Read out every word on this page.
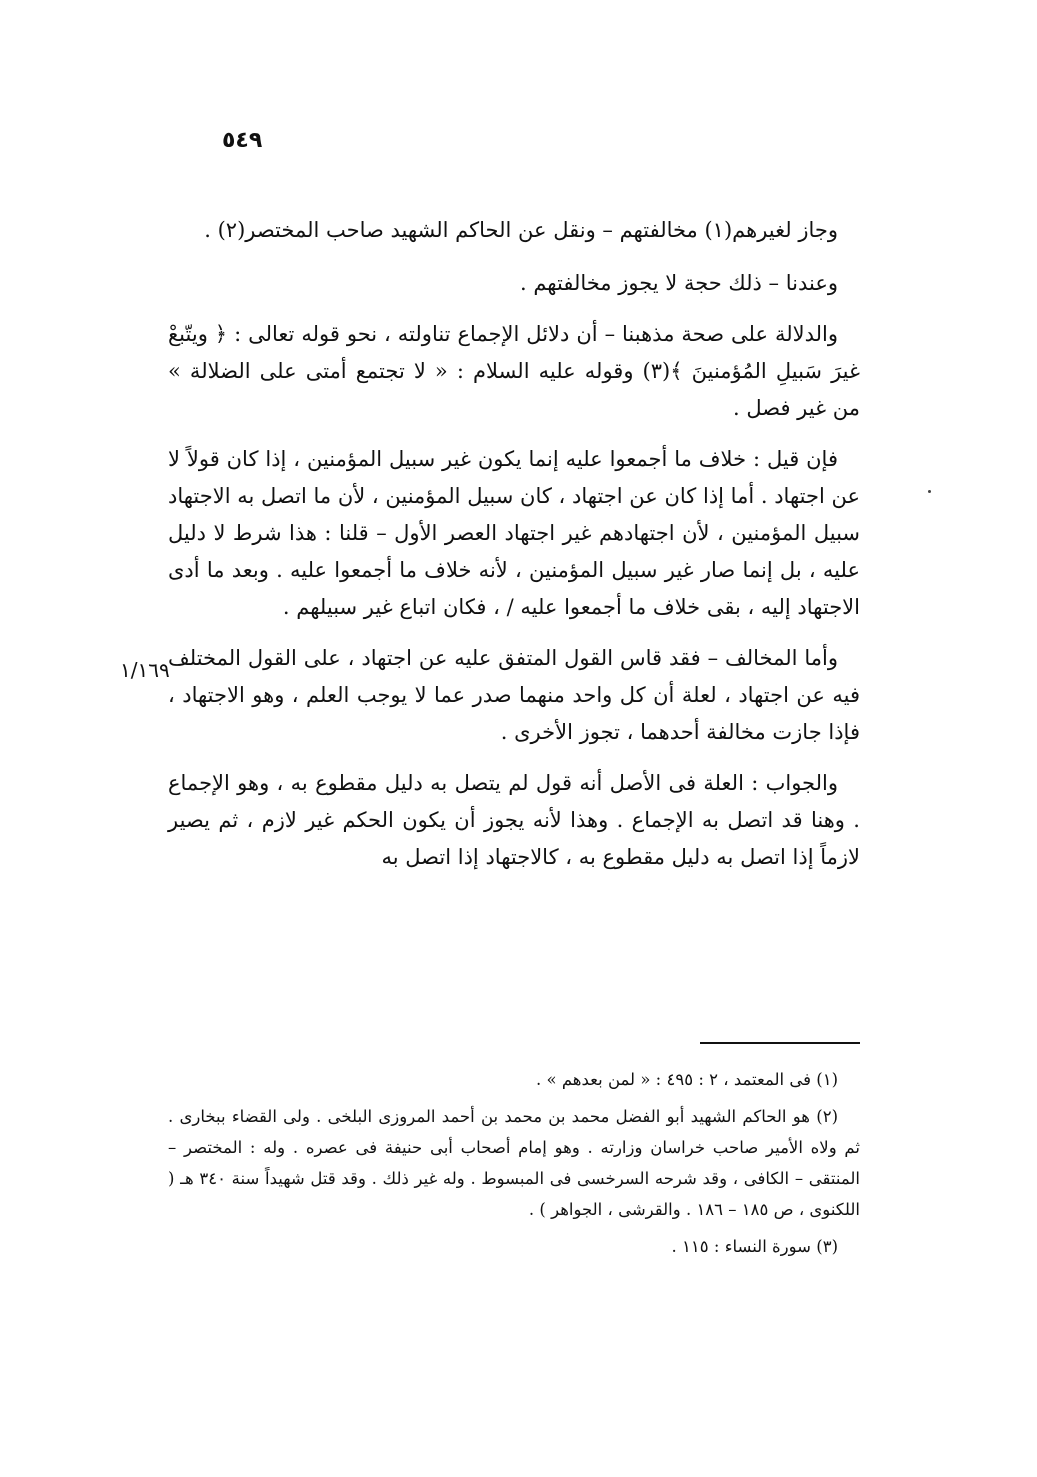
٥٤٩
١/١٦٩

وجاز لغيرهم(١) مخالفتهم – ونقل عن الحاكم الشهيد صاحب المختصر(٢) .

وعندنا – ذلك حجة لا يجوز مخالفتهم .

والدلالة على صحة مذهبنا – أن دلائل الإجماع تناولته ، نحو قوله تعالى : ﴿ ويتّبعْ غيرَ سَبيلِ المُؤمنينَ ﴾(٣) وقوله عليه السلام : « لا تجتمع أمتى على الضلالة » من غير فصل .

فإن قيل : خلاف ما أجمعوا عليه إنما يكون غير سبيل المؤمنين ، إذا كان قولاً لا عن اجتهاد . أما إذا كان عن اجتهاد ، كان سبيل المؤمنين ، لأن ما اتصل به الاجتهاد سبيل المؤمنين ، لأن اجتهادهم غير اجتهاد العصر الأول – قلنا : هذا شرط لا دليل عليه ، بل إنما صار غير سبيل المؤمنين ، لأنه خلاف ما أجمعوا عليه . وبعد ما أدى الاجتهاد إليه ، بقى خلاف ما أجمعوا عليه / ، فكان اتباع غير سبيلهم .

وأما المخالف – فقد قاس القول المتفق عليه عن اجتهاد ، على القول المختلف فيه عن اجتهاد ، لعلة أن كل واحد منهما صدر عما لا يوجب العلم ، وهو الاجتهاد ، فإذا جازت مخالفة أحدهما ، تجوز الأخرى .

والجواب : العلة فى الأصل أنه قول لم يتصل به دليل مقطوع به ، وهو الإجماع . وهنا قد اتصل به الإجماع . وهذا لأنه يجوز أن يكون الحكم غير لازم ، ثم يصير لازماً إذا اتصل به دليل مقطوع به ، كالاجتهاد إذا اتصل به

(١) فى المعتمد ، ٢ : ٤٩٥ : « لمن بعدهم » .

(٢) هو الحاكم الشهيد أبو الفضل محمد بن محمد بن أحمد المروزى البلخى . ولى القضاء ببخارى . ثم ولاه الأمير صاحب خراسان وزارته . وهو إمام أصحاب أبى حنيفة فى عصره . وله : المختصر – المنتقى – الكافى ، وقد شرحه السرخسى فى المبسوط . وله غير ذلك . وقد قتل شهيداً سنة ٣٤٠ هـ ( اللكنوى ، ص ١٨٥ – ١٨٦ . والقرشى ، الجواهر ) .

(٣) سورة النساء : ١١٥ .
